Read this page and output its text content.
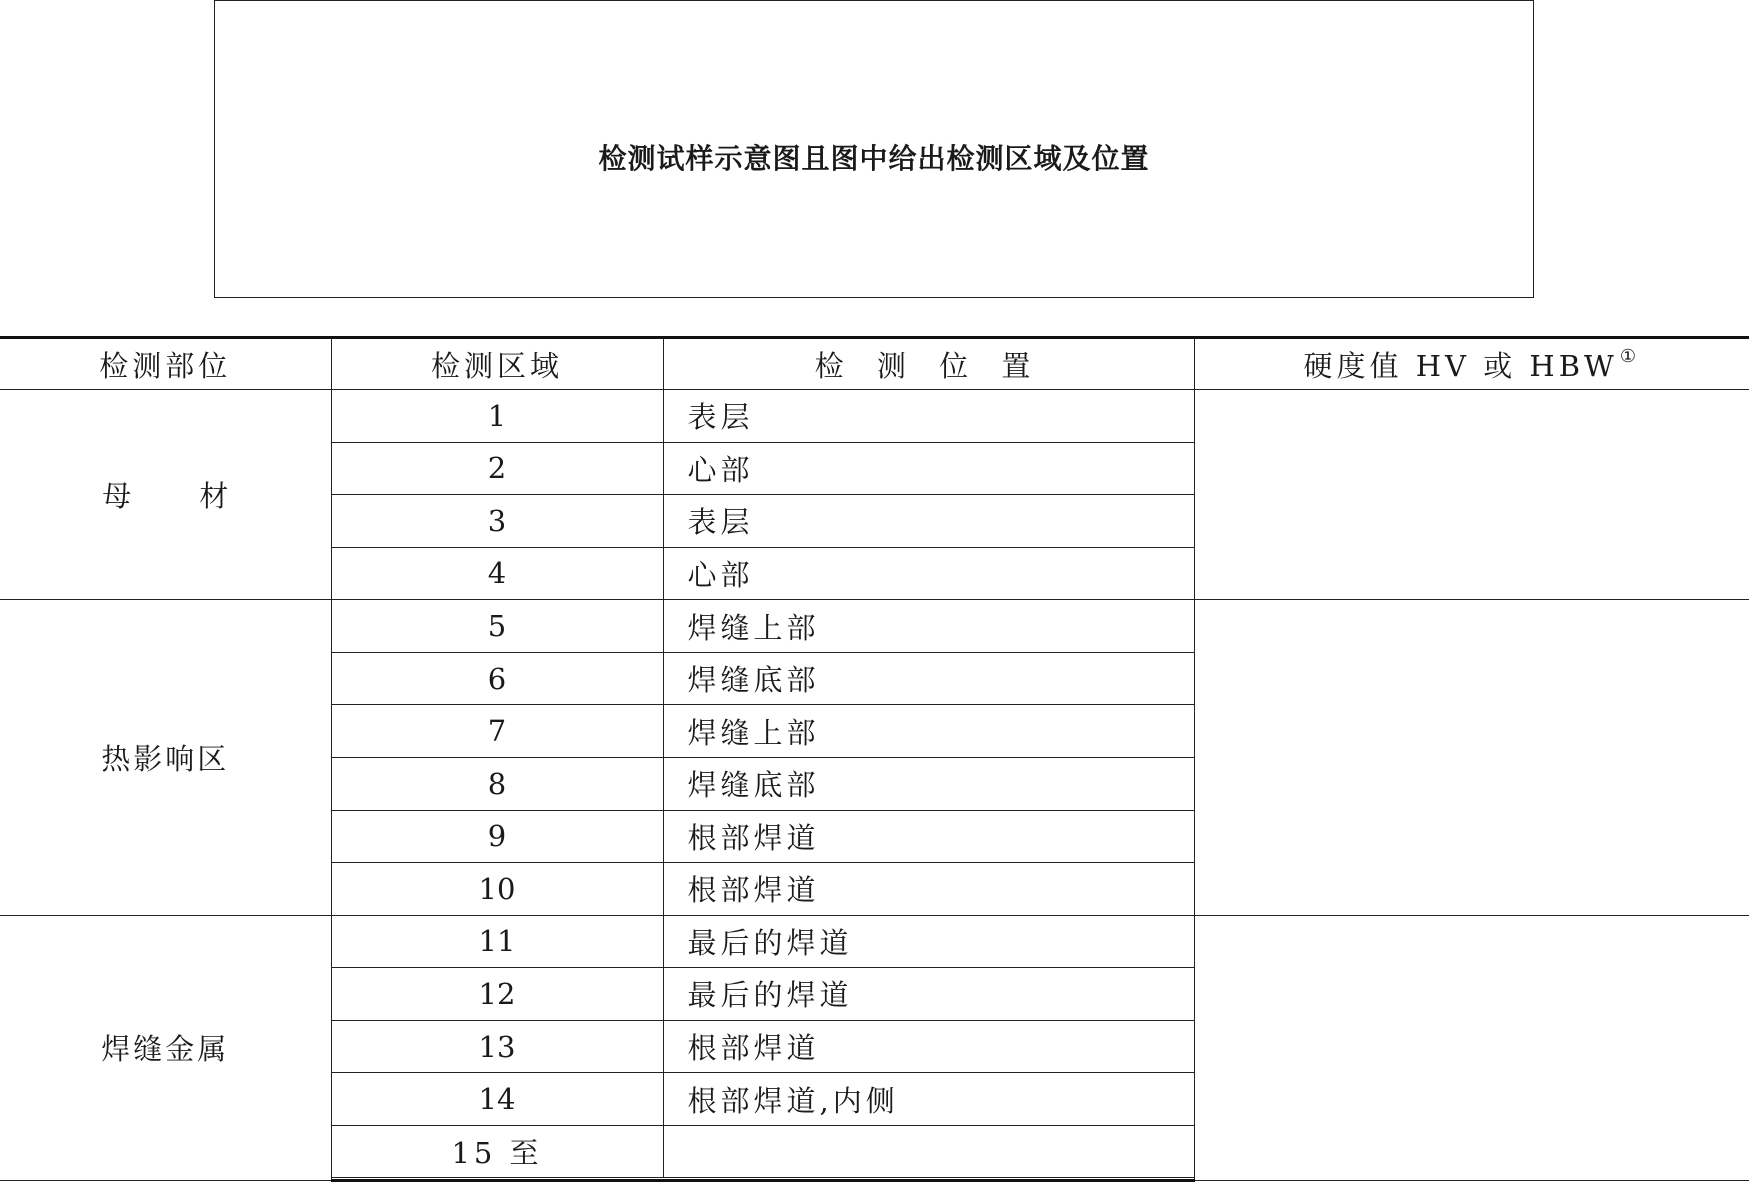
检测试样示意图且图中给出检测区域及位置
检测部位	检测区域	检 测 位 置	硬度值 HV 或 HBW ①
母 材	1	表层	
	2	心部	
	3	表层	
	4	心部	
热影响区	5	焊缝上部	
	6	焊缝底部	
	7	焊缝上部	
	8	焊缝底部	
	9	根部焊道	
	10	根部焊道	
焊缝金属	11	最后的焊道	
	12	最后的焊道	
	13	根部焊道	
	14	根部焊道,内侧	
	15 至		
